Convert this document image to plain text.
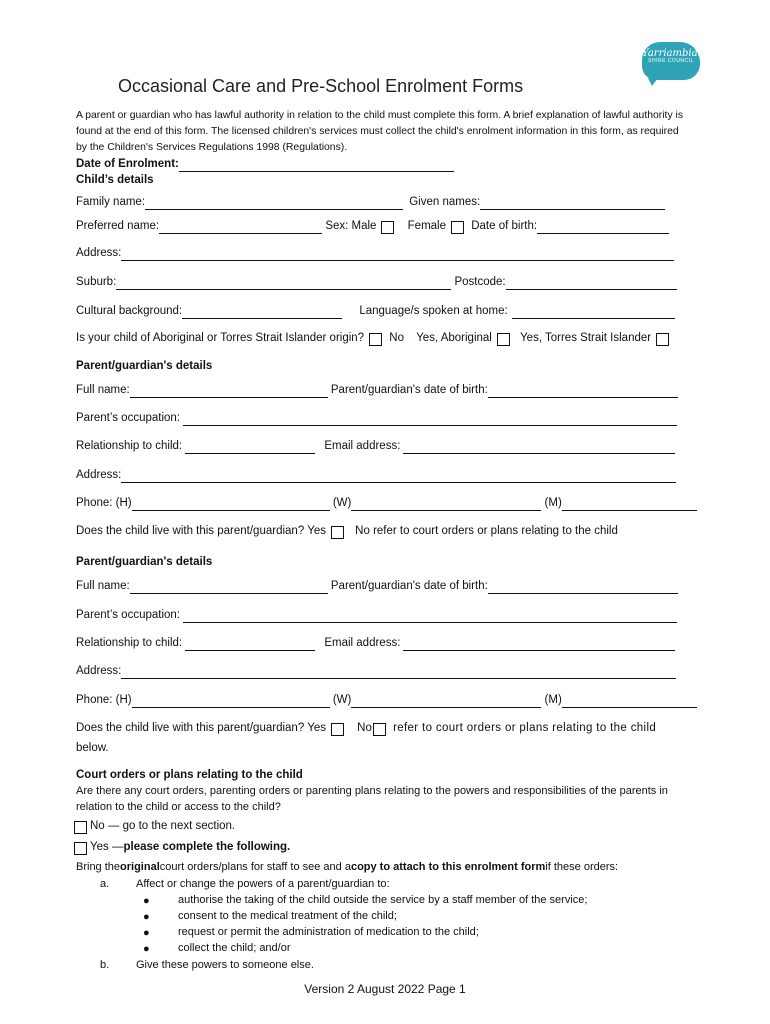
Yarriambiack
SHIRE COUNCIL
Occasional Care and Pre-School Enrolment Forms
A parent or guardian who has lawful authority in relation to the child must complete this form. A brief explanation of lawful authority is found at the end of this form. The licensed children's services must collect the child's enrolment information in this form, as required by the Children's Services Regulations 1998 (Regulations).
Date of Enrolment:
Child’s details
Family name:	Given names:
Preferred name:	Sex: Male	Female Date of birth:
Address:
Suburb:	Postcode:
Cultural background:	Language/s spoken at home:
Is your child of Aboriginal or Torres Strait Islander origin? No Yes, Aboriginal Yes, Torres Strait Islander
Parent/guardian's details
Full name:	Parent/guardian's date of birth:
Parent’s occupation:
Relationship to child:	Email address:
Address:
Phone: (H)	(W)	(M)
Does the child live with this parent/guardian? Yes	No refer to court orders or plans relating to the child
Parent/guardian's details
Full name:	Parent/guardian's date of birth:
Parent’s occupation:
Relationship to child:	Email address:
Address:
Phone: (H)	(W)	(M)
Does the child live with this parent/guardian? Yes	No refer to court orders or plans relating to the child
below.
Court orders or plans relating to the child
Are there any court orders, parenting orders or parenting plans relating to the powers and responsibilities of the parents in relation to the child or access to the child?
No — go to the next section.
Yes —please complete the following.
Bring theoriginalcourt orders/plans for staff to see and acopy to attach to this enrolment formif these orders:
a. Affect or change the powers of a parent/guardian to:
●	authorise the taking of the child outside the service by a staff member of the service;
●	consent to the medical treatment of the child;
●	request or permit the administration of medication to the child;
●	collect the child; and/or
b. Give these powers to someone else.
Version 2 August 2022 Page 1
